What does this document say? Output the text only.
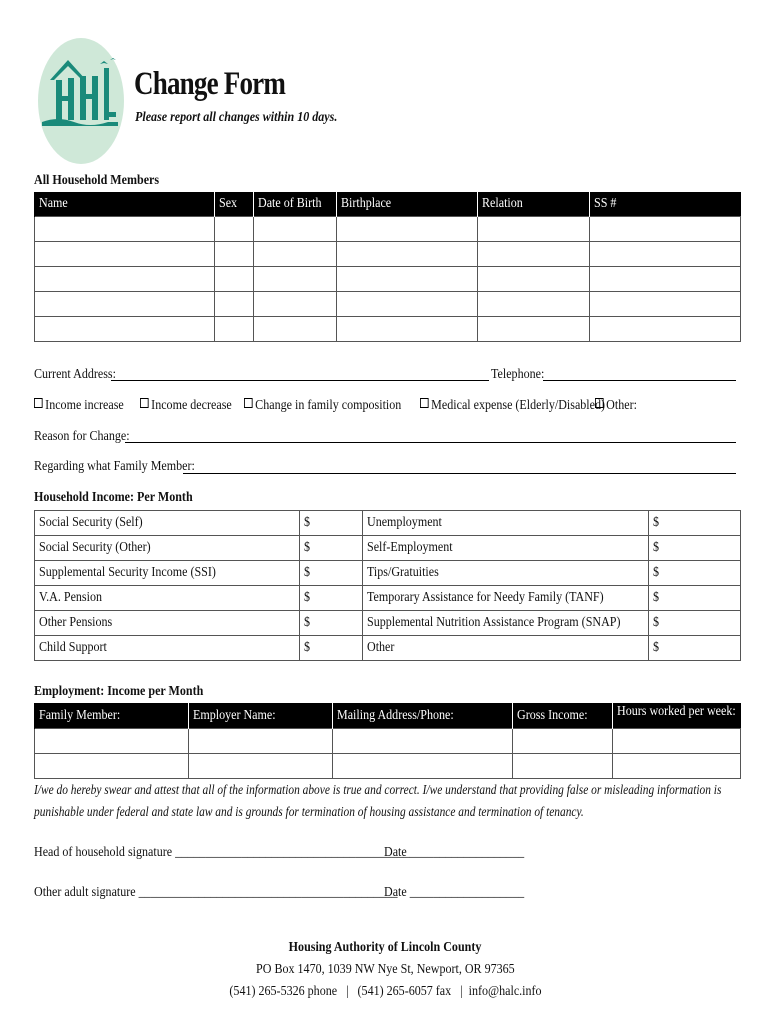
Change Form
Please report all changes within 10 days.
All Household Members
Name	Sex	Date of Birth	Birthplace	Relation	SS #

Current Address:	Telephone:
Income increase	Income decrease	Change in family composition	Medical expense (Elderly/Disabled) Other:
Reason for Change:
Regarding what Family Member:
Household Income: Per Month
Social Security (Self)	$	Unemployment	$
Social Security (Other)	$	Self-Employment	$
Supplemental Security Income (SSI)	$	Tips/Gratuities	$
V.A. Pension	$	Temporary Assistance for Needy Family (TANF)	$
Other Pensions	$	Supplemental Nutrition Assistance Program (SNAP)	$
Child Support	$	Other	$
Employment: Income per Month
Family Member:	Employer Name:	Mailing Address/Phone:	Gross Income:	Hours worked per week:

I/we do hereby swear and attest that all of the information above is true and correct. I/we understand that providing false or misleading information is punishable under federal and state law and is grounds for termination of housing assistance and termination of tenancy.
Head of household signature _______________________________________
Date ___________________
Other adult signature ___________________________________________
Date ___________________
Housing Authority of Lincoln County
PO Box 1470, 1039 NW Nye St, Newport, OR 97365
(541) 265-5326 phone   |   (541) 265-6057 fax   |  info@halc.info
